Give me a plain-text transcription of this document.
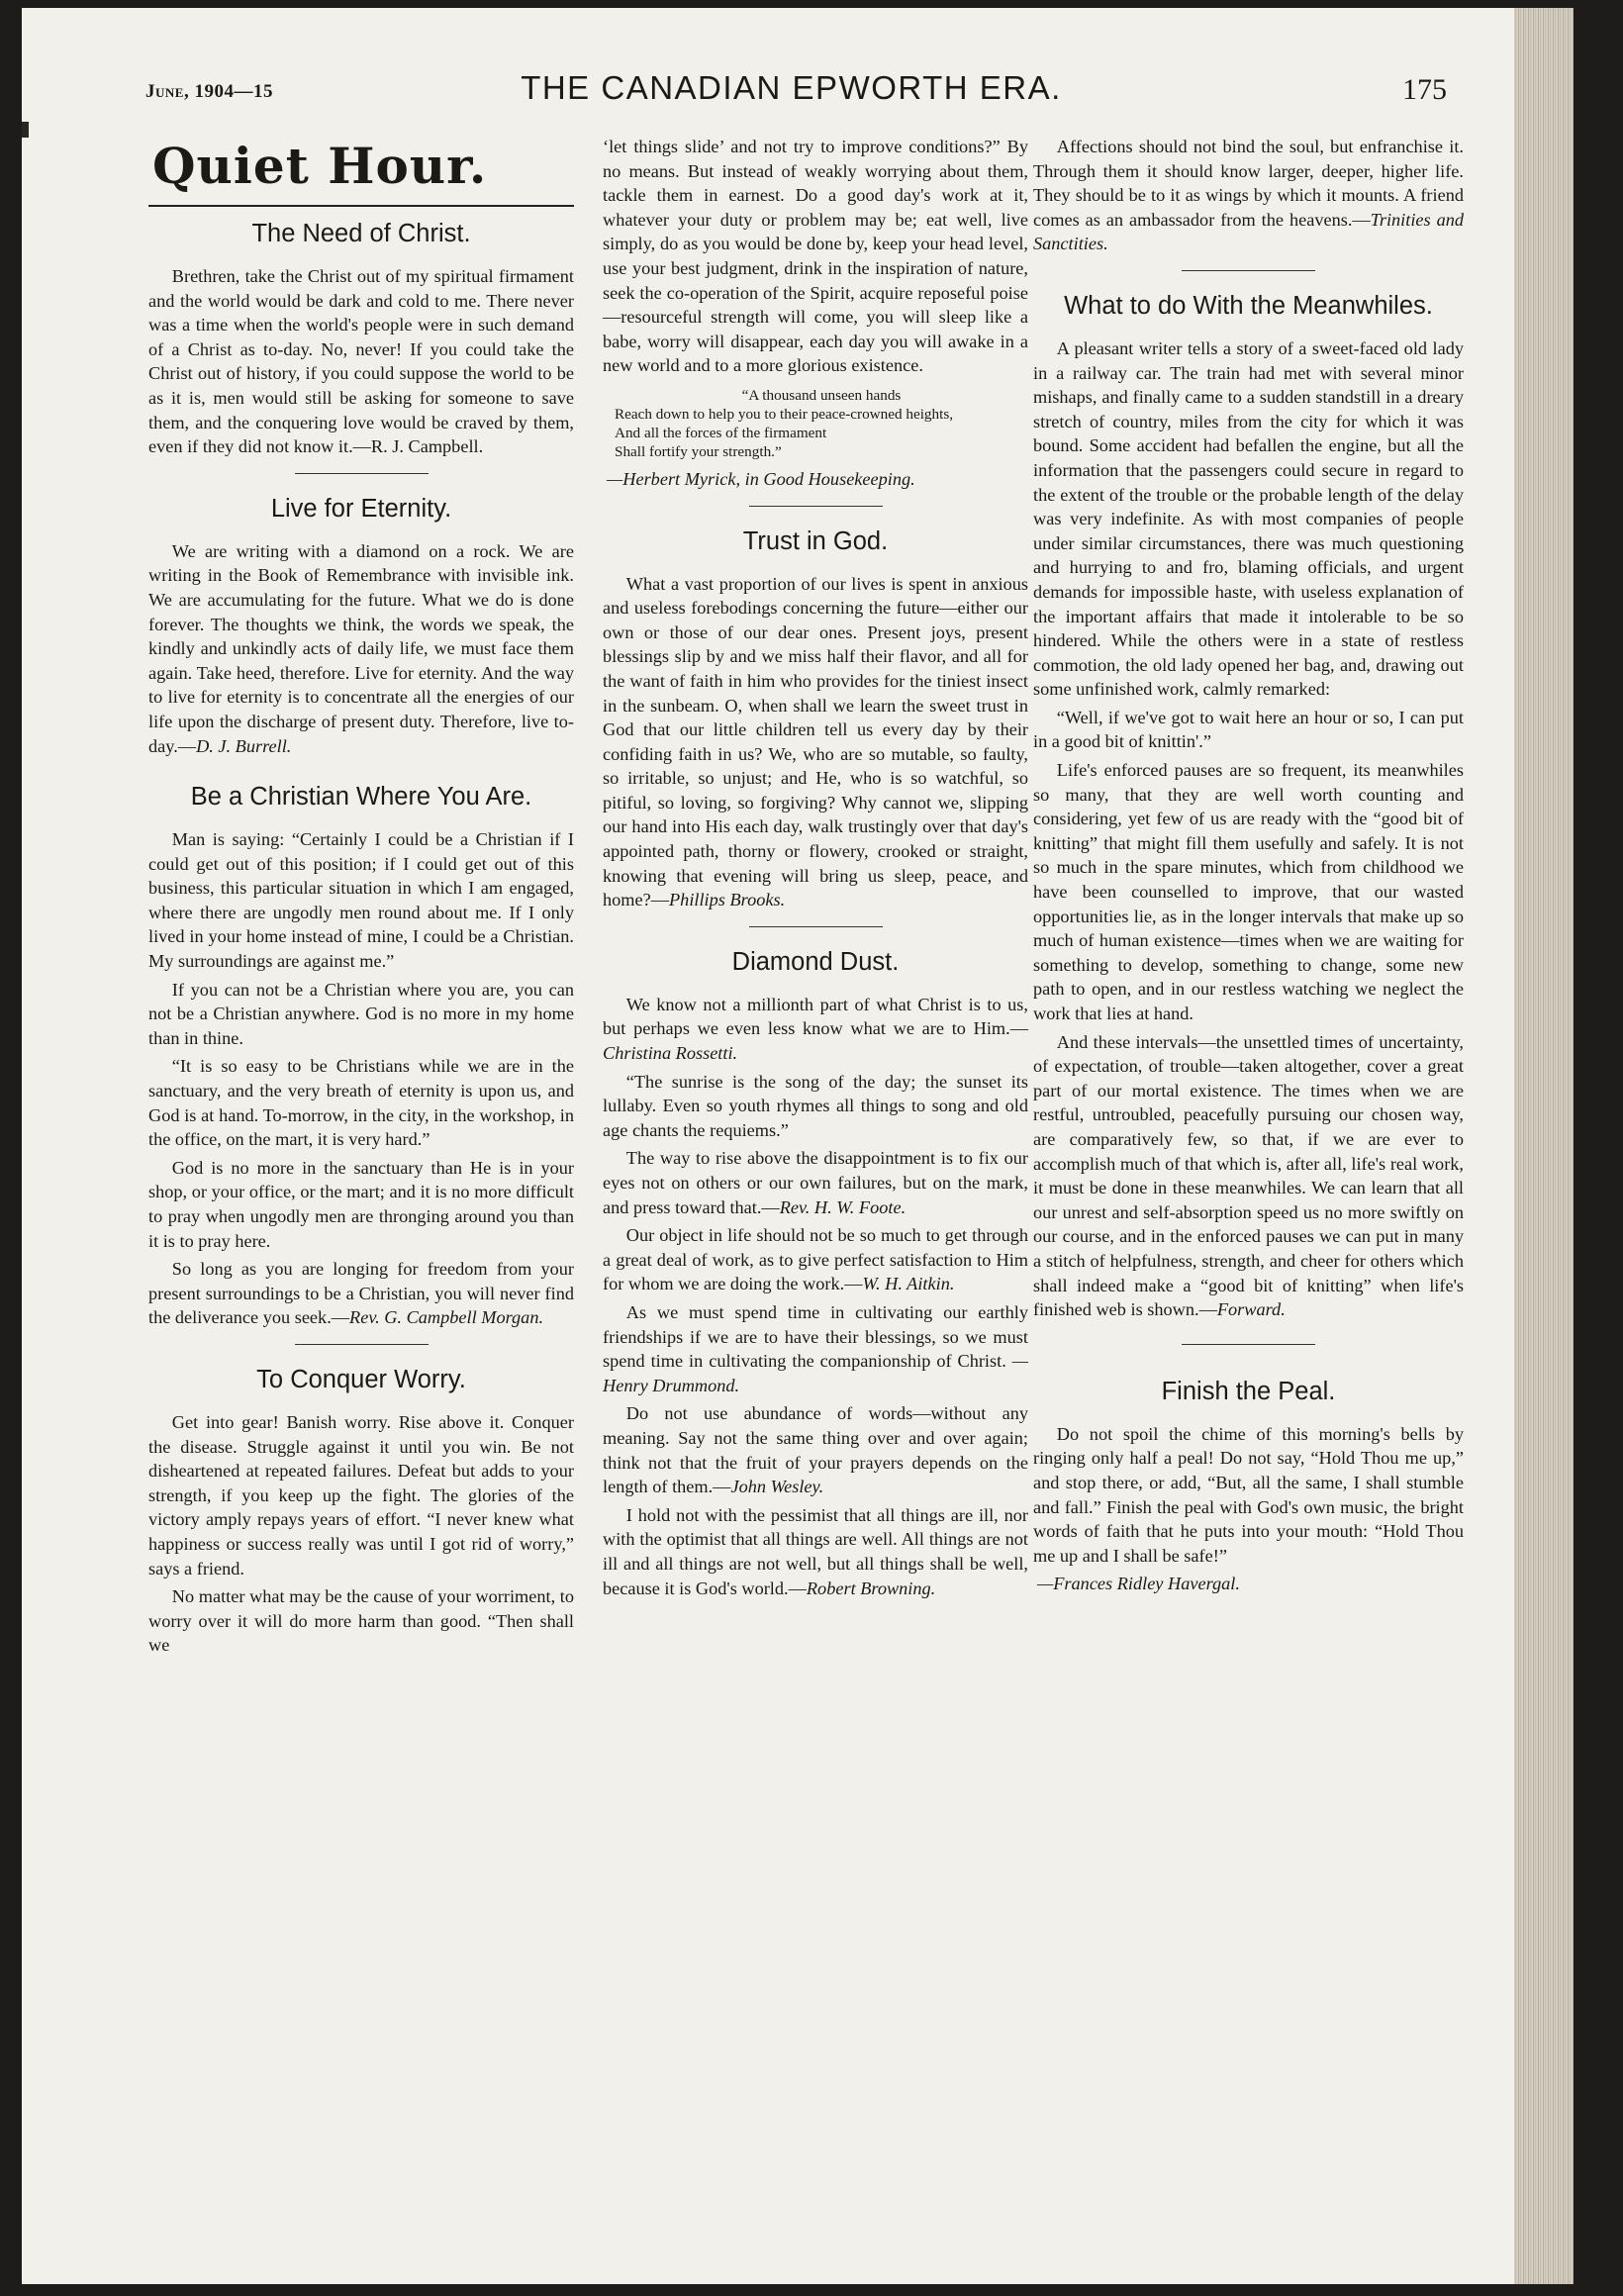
June, 1904—15	THE CANADIAN EPWORTH ERA.	175
Quiet Hour.
The Need of Christ.

Brethren, take the Christ out of my spiritual firmament and the world would be dark and cold to me. There never was a time when the world's people were in such demand of a Christ as to-day. No, never! If you could take the Christ out of history, if you could suppose the world to be as it is, men would still be asking for someone to save them, and the conquering love would be craved by them, even if they did not know it.—R. J. Campbell.

Live for Eternity.

We are writing with a diamond on a rock. We are writing in the Book of Remembrance with invisible ink. We are accumulating for the future. What we do is done forever. The thoughts we think, the words we speak, the kindly and unkindly acts of daily life, we must face them again. Take heed, therefore. Live for eternity. And the way to live for eternity is to concentrate all the energies of our life upon the discharge of present duty. Therefore, live to-day.—D. J. Burrell.

Be a Christian Where You Are.

Man is saying: “Certainly I could be a Christian if I could get out of this position; if I could get out of this business, this particular situation in which I am engaged, where there are ungodly men round about me. If I only lived in your home instead of mine, I could be a Christian. My surroundings are against me.”

If you can not be a Christian where you are, you can not be a Christian anywhere. God is no more in my home than in thine.

“It is so easy to be Christians while we are in the sanctuary, and the very breath of eternity is upon us, and God is at hand. To-morrow, in the city, in the workshop, in the office, on the mart, it is very hard.”

God is no more in the sanctuary than He is in your shop, or your office, or the mart; and it is no more difficult to pray when ungodly men are thronging around you than it is to pray here.

So long as you are longing for freedom from your present surroundings to be a Christian, you will never find the deliverance you seek.—Rev. G. Campbell Morgan.

To Conquer Worry.

Get into gear! Banish worry. Rise above it. Conquer the disease. Struggle against it until you win. Be not disheartened at repeated failures. Defeat but adds to your strength, if you keep up the fight. The glories of the victory amply repays years of effort. “I never knew what happiness or success really was until I got rid of worry,” says a friend.

No matter what may be the cause of your worriment, to worry over it will do more harm than good. “Then shall we

‘let things slide’ and not try to improve conditions?” By no means. But instead of weakly worrying about them, tackle them in earnest. Do a good day's work at it, whatever your duty or problem may be; eat well, live simply, do as you would be done by, keep your head level, use your best judgment, drink in the inspiration of nature, seek the co-operation of the Spirit, acquire reposeful poise—resourceful strength will come, you will sleep like a babe, worry will disappear, each day you will awake in a new world and to a more glorious existence.

“A thousand unseen hands
Reach down to help you to their peace-crowned heights,
And all the forces of the firmament
Shall fortify your strength.”
—Herbert Myrick, in Good Housekeeping.
Trust in God.

What a vast proportion of our lives is spent in anxious and useless forebodings concerning the future—either our own or those of our dear ones. Present joys, present blessings slip by and we miss half their flavor, and all for the want of faith in him who provides for the tiniest insect in the sunbeam. O, when shall we learn the sweet trust in God that our little children tell us every day by their confiding faith in us? We, who are so mutable, so faulty, so irritable, so unjust; and He, who is so watchful, so pitiful, so loving, so forgiving? Why cannot we, slipping our hand into His each day, walk trustingly over that day's appointed path, thorny or flowery, crooked or straight, knowing that evening will bring us sleep, peace, and home?—Phillips Brooks.

Diamond Dust.

We know not a millionth part of what Christ is to us, but perhaps we even less know what we are to Him.—Christina Rossetti.

“The sunrise is the song of the day; the sunset its lullaby. Even so youth rhymes all things to song and old age chants the requiems.”

The way to rise above the disappointment is to fix our eyes not on others or our own failures, but on the mark, and press toward that.—Rev. H. W. Foote.

Our object in life should not be so much to get through a great deal of work, as to give perfect satisfaction to Him for whom we are doing the work.—W. H. Aitkin.

As we must spend time in cultivating our earthly friendships if we are to have their blessings, so we must spend time in cultivating the companionship of Christ. —Henry Drummond.

Do not use abundance of words—without any meaning. Say not the same thing over and over again; think not that the fruit of your prayers depends on the length of them.—John Wesley.

I hold not with the pessimist that all things are ill, nor with the optimist that all things are well. All things are not ill and all things are not well, but all things shall be well, because it is God's world.—Robert Browning.

Affections should not bind the soul, but enfranchise it. Through them it should know larger, deeper, higher life. They should be to it as wings by which it mounts. A friend comes as an ambassador from the heavens.—Trinities and Sanctities.

What to do With the Meanwhiles.

A pleasant writer tells a story of a sweet-faced old lady in a railway car. The train had met with several minor mishaps, and finally came to a sudden standstill in a dreary stretch of country, miles from the city for which it was bound. Some accident had befallen the engine, but all the information that the passengers could secure in regard to the extent of the trouble or the probable length of the delay was very indefinite. As with most companies of people under similar circumstances, there was much questioning and hurrying to and fro, blaming officials, and urgent demands for impossible haste, with useless explanation of the important affairs that made it intolerable to be so hindered. While the others were in a state of restless commotion, the old lady opened her bag, and, drawing out some unfinished work, calmly remarked:

“Well, if we've got to wait here an hour or so, I can put in a good bit of knittin'.”

Life's enforced pauses are so frequent, its meanwhiles so many, that they are well worth counting and considering, yet few of us are ready with the “good bit of knitting” that might fill them usefully and safely. It is not so much in the spare minutes, which from childhood we have been counselled to improve, that our wasted opportunities lie, as in the longer intervals that make up so much of human existence—times when we are waiting for something to develop, something to change, some new path to open, and in our restless watching we neglect the work that lies at hand.

And these intervals—the unsettled times of uncertainty, of expectation, of trouble—taken altogether, cover a great part of our mortal existence. The times when we are restful, untroubled, peacefully pursuing our chosen way, are comparatively few, so that, if we are ever to accomplish much of that which is, after all, life's real work, it must be done in these meanwhiles. We can learn that all our unrest and self-absorption speed us no more swiftly on our course, and in the enforced pauses we can put in many a stitch of helpfulness, strength, and cheer for others which shall indeed make a “good bit of knitting” when life's finished web is shown.—Forward.

Finish the Peal.

Do not spoil the chime of this morning's bells by ringing only half a peal! Do not say, “Hold Thou me up,” and stop there, or add, “But, all the same, I shall stumble and fall.” Finish the peal with God's own music, the bright words of faith that he puts into your mouth: “Hold Thou me up and I shall be safe!”

—Frances Ridley Havergal.
